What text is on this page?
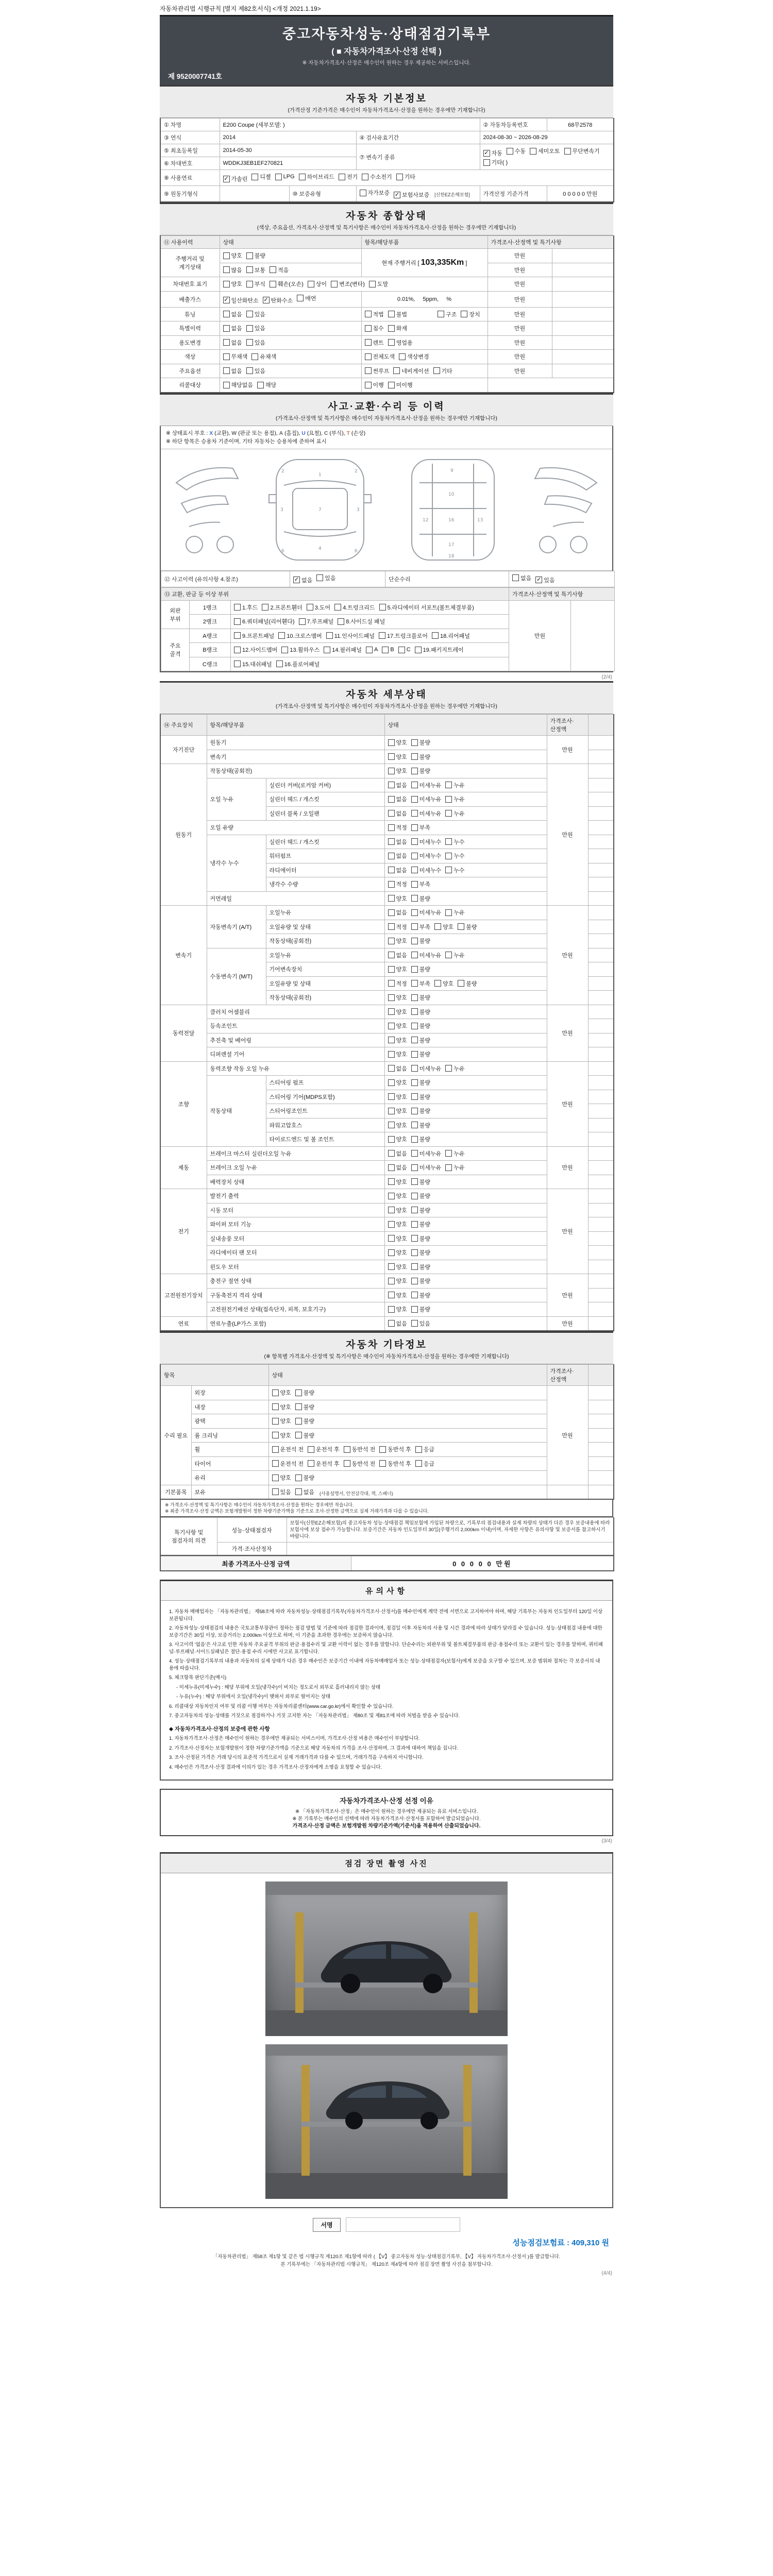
자동차관리법 시행규칙 [별지 제82호서식] <개정 2021.1.19>
중고자동차성능·상태점검기록부
( ■ 자동차가격조사·산정 선택 )
※ 자동차가격조사·산정은 매수인이 원하는 경우 제공하는 서비스입니다.
제 9520007741호
자동차 기본정보
(가격산정 기준가격은 매수인이 자동차가격조사·산정을 원하는 경우에만 기재합니다)
① 차명	E200 Coupe (세부모델: )			② 자동차등록번호	68무2578
③ 연식	2014		④ 검사유효기간	2024-08-30 ~ 2026-08-29	
⑤ 최초등록일	2014-05-30	⑦ 변속기 종류	
✓ 자동 수동 세미오토 무단변속기
기타( )

⑥ 차대번호	WDDKJ3EB1EF270821				
⑧ 사용연료	✓ 가솔린 디젤 LPG 하이브리드 전기 수소전기 기타

⑨ 원동기형식		⑩ 보증유형	자가보증 ✓ 보험사보증 [신한EZ손해보험]	가격산정 기준가격	0 0 0 0 0 만원
자동차 종합상태
(색상, 주요옵션, 가격조사·산정액 및 특기사항은 매수인이 자동차가격조사·산정을 원하는 경우에만 기재합니다)
⑪ 사용이력	상태	항목/해당부품	가격조사·산정액 및 특기사항	
주행거리 및 계기상태	양호 불량	현재 주행거리 [ 103,335Km ]	만원	

	많음 보통 적음		만원	
차대번호 표기	양호 부식 훼손(오손) 상이 변조(변타) 도말	만원	
배출가스	✓ 일산화탄소 ✓ 탄화수소 매연	0.01%,     5ppm,     %	만원	
튜닝	없음 있음	적법 불법 구조 장치	만원	
특별이력	없음 있음	침수 화재	만원	
용도변경	없음 있음	렌트 영업용	만원	
색상	무채색 유채색	전체도색 색상변경	만원	
주요옵션	없음 있음	썬루프 네비게이션 기타	만원	
리콜대상	해당없음 해당	이행 미이행		

사고·교환·수리 등 이력
(가격조사·산정액 및 특기사항은 매수인이 자동차가격조사·산정을 원하는 경우에만 기재합니다)
※ 상태표시 부호 : X (교환), W (판금 또는 용접), A (흠집), U (요철), C (부식), T (손상)
※ 하단 항목은 승용차 기준이며, 기타 자동차는 승용차에 준하여 표시
1
7
4
3	3
2	2
6	6
9
10
12	13
16
17
18
⑫ 사고이력 (유의사항 4.참조)	✓ 없음 있음	단순수리	없음 ✓ 있음
⑬ 교환, 판금 등 이상 부위			가격조사·산정액 및 특기사항	
외판 부위	1랭크	1.후드 2.프론트휀더 3.도어 4.트렁크리드 5.라디에이터 서포트(볼트체결부품)	만원	
	2랭크	6.쿼터패널(리어휀다) 7.루프패널 8.사이드실 패널		

주요 골격	A랭크	9.프론트패널 10.크로스멤버 11.인사이드패널 17.트렁크플로어 18.리어패널		

B랭크	12.사이드멤버 13.휠하우스 14.필러패널 A B C 19.패키지트레이

	C랭크	15.대쉬패널 16.플로어패널		
(2/4)
자동차 세부상태
(가격조사·산정액 및 특기사항은 매수인이 자동차가격조사·산정을 원하는 경우에만 기재합니다)
⑭ 주요장치	항목/해당부품		상태	가격조사·산정액	
자기진단	원동기		양호 불량	만원	
	변속기		양호 불량		

원동기	작동상태(공회전)		양호 불량	만원	
	오일 누유	실린더 커버(로커암 커버)	없음 미세누유 누유		

		실린더 헤드 / 개스킷	없음 미세누유 누유		

		실린더 블록 / 오일팬	없음 미세누유 누유		

	오일 유량		적정 부족		

	냉각수 누수	실린더 헤드 / 개스킷	없음 미세누수 누수		

		워터펌프	없음 미세누수 누수		

		라디에이터	없음 미세누수 누수		

		냉각수 수량	적정 부족		

	커먼레일		양호 불량		

변속기	자동변속기 (A/T)	오일누유	없음 미세누유 누유	만원	
		오일유량 및 상태	적정 부족 양호 불량		

		작동상태(공회전)	양호 불량		

	수동변속기 (M/T)	오일누유	없음 미세누유 누유		

		기어변속장치	양호 불량		

		오일유량 및 상태	적정 부족 양호 불량		

		작동상태(공회전)	양호 불량		

동력전달	클러치 어셈블리		양호 불량	만원	
	등속조인트		양호 불량		

	추진축 및 베어링		양호 불량		

	디퍼렌셜 기어		양호 불량		

조향	동력조향 작동 오일 누유		없음 미세누유 누유	만원	
	작동상태	스티어링 펌프	양호 불량		

		스티어링 기어(MDPS포함)	양호 불량		

		스티어링조인트	양호 불량		

		파워고압호스	양호 불량		

		타이로드엔드 및 볼 조인트	양호 불량		

제동	브레이크 마스터 실린더오일 누유		없음 미세누유 누유	만원	
	브레이크 오일 누유		없음 미세누유 누유		

	배력장치 상태		양호 불량		

전기	발전기 출력		양호 불량	만원	
	시동 모터		양호 불량		

	와이퍼 모터 기능		양호 불량		

	실내송풍 모터		양호 불량		

	라디에이터 팬 모터		양호 불량		

	윈도우 모터		양호 불량		

고전원전기장치	충전구 절연 상태		양호 불량	만원	
	구동축전지 격리 상태		양호 불량		

	고전원전기배선 상태(접속단자, 피복, 보호기구)		양호 불량		

연료	연료누출(LP가스 포함)		없음 있음	만원	
자동차 기타정보
(※ 항목별 가격조사·산정액 및 특기사항은 매수인이 자동차가격조사·산정을 원하는 경우에만 기재합니다)
항목		상태	가격조사·산정액	
수리 필요	외장	양호 불량	만원	
	내장	양호 불량		

	광택	양호 불량		

	룸 크리닝	양호 불량		

	휠	운전석 전 운전석 후 동반석 전 동반석 후 응급		

	타이어	운전석 전 운전석 후 동반석 전 동반석 후 응급		

	유리	양호 불량		

기본품목	보유	있음 없음 (사용설명서, 안전삼각대, 잭, 스패너)		
※ 가격조사·산정액 및 특기사항은 매수인이 자동차가격조사·산정을 원하는 경우에만 적습니다.
※ 최종 가격조사·산정 금액은 보험개발원이 정한 차량기준가액을 기준으로 조사·산정한 금액으로 실제 거래가격과 다를 수 있습니다.
특기사항 및 점검자의 의견	성능·상태점검자	보험사(신한EZ손해보험)의 중고자동차 성능·상태점검 책임보험에 가입된 차량으로, 기록부의 점검내용과 실제 차량의 상태가 다른 경우 보증내용에 따라 보험사에 보상 접수가 가능합니다. 보증기간은 자동차 인도일부터 30일(주행거리 2,000km 이내)이며, 자세한 사항은 유의사항 및 보증서를 참고하시기 바랍니다.
	가격·조사산정자	
최종 가격조사·산정 금액	0 0 0 0 0 만원
유의사항
1. 자동차 매매업자는 「자동차관리법」 제58조에 따라 자동차성능·상태점검기록부(자동차가격조사·산정서)를 매수인에게 계약 전에 서면으로 고지하여야 하며, 해당 기록부는 자동차 인도일부터 120일 이상 보관됩니다.
2. 자동차성능·상태점검의 내용은 국토교통부장관이 정하는 점검 방법 및 기준에 따라 점검한 결과이며, 점검일 이후 자동차의 사용 및 시간 경과에 따라 상태가 달라질 수 있습니다. 성능·상태점검 내용에 대한 보증기간은 30일 이상, 보증거리는 2,000km 이상으로 하며, 이 기준을 초과한 경우에는 보증하지 않습니다.
3. 사고이력 '없음'은 사고로 인한 자동차 주요골격 부위의 판금·용접수리 및 교환 이력이 없는 경우를 말합니다. 단순수리는 외판부위 및 볼트체결부품의 판금·용접수리 또는 교환이 있는 경우를 말하며, 쿼터패널·루프패널·사이드실패널은 절단·용접 수리 시에만 사고로 표기합니다.
4. 성능·상태점검기록부의 내용과 자동차의 실제 상태가 다른 경우 매수인은 보증기간 이내에 자동차매매업자 또는 성능·상태점검자(보험사)에게 보증을 요구할 수 있으며, 보증 범위와 절차는 각 보증서의 내용에 따릅니다.
5. 체크항목 판단기준(예시)
- 미세누유(미세누수) : 해당 부위에 오일(냉각수)이 비치는 정도로서 외부로 흘러내리지 않는 상태
- 누유(누수) : 해당 부위에서 오일(냉각수)이 맺혀서 외부로 떨어지는 상태
6. 리콜대상 자동차인지 여부 및 리콜 이행 여부는 자동차리콜센터(www.car.go.kr)에서 확인할 수 있습니다.
7. 중고자동차의 성능·상태를 거짓으로 점검하거나 거짓 고지한 자는 「자동차관리법」 제80조 및 제81조에 따라 처벌을 받을 수 있습니다.
◆ 자동차가격조사·산정의 보증에 관한 사항
1. 자동차가격조사·산정은 매수인이 원하는 경우에만 제공되는 서비스이며, 가격조사·산정 비용은 매수인이 부담합니다.
2. 가격조사·산정자는 보험개발원이 정한 차량기준가액을 기준으로 해당 자동차의 가격을 조사·산정하며, 그 결과에 대하여 책임을 집니다.
3. 조사·산정된 가격은 거래 당시의 표준적 가격으로서 실제 거래가격과 다를 수 있으며, 거래가격을 구속하지 아니합니다.
4. 매수인은 가격조사·산정 결과에 이의가 있는 경우 가격조사·산정자에게 소명을 요청할 수 있습니다.
자동차가격조사·산정 선정 이유
※ 「자동차가격조사·산정」은 매수인이 원하는 경우에만 제공되는 유료 서비스입니다.
※ 본 기록부는 매수인의 선택에 따라 자동차가격조사·산정서를 포함하여 발급되었습니다.
가격조사·산정 금액은 보험개발원 차량기준가액(기준서)을 적용하여 산출되었습니다.
(3/4)
점검 장면 촬영 사진
서명
성능점검보험료 : 409,310 원
「자동차관리법」 제58조 제1항 및 같은 법 시행규칙 제120조 제1항에 따라 ( 【V】 중고자동차 성능·상태점검기록부, 【V】 자동차가격조사·산정서 )를 발급합니다.
본 기록부에는 「자동차관리법 시행규칙」 제120조 제4항에 따라 점검 장면 촬영 사진을 첨부합니다.
(4/4)
